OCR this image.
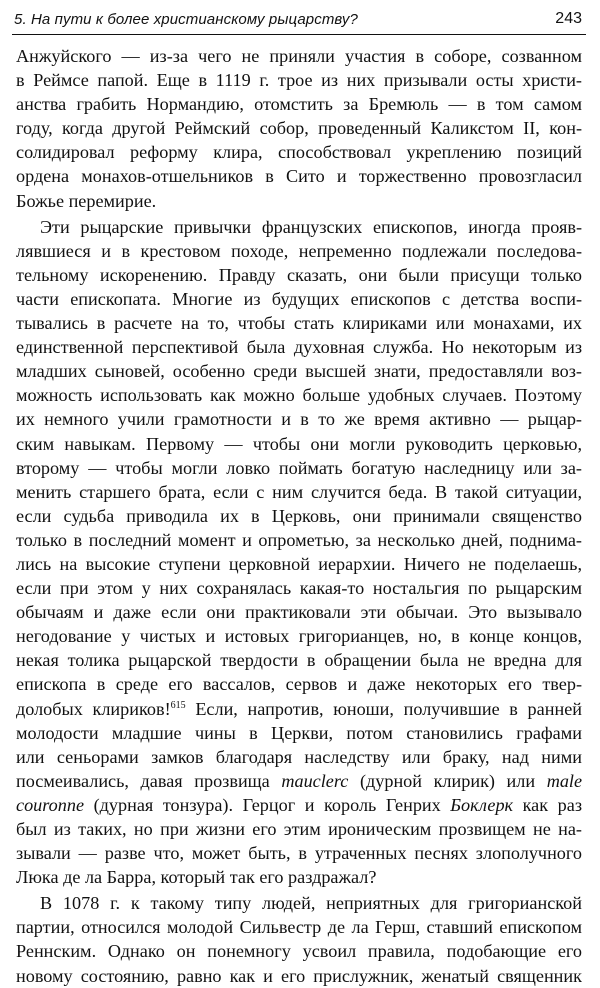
5. На пути к более христианскому рыцарству?	243
Анжуйского — из-за чего не приняли участия в соборе, созванном
в Реймсе папой. Еще в 1119 г. трое из них призывали осты христи-
анства грабить Нормандию, отомстить за Бремюль — в том самом
году, когда другой Реймский собор, проведенный Каликстом II, кон-
солидировал реформу клира, способствовал укреплению позиций
ордена монахов-отшельников в Сито и торжественно провозгласил
Божье перемирие.
Эти рыцарские привычки французских епископов, иногда прояв-
лявшиеся и в крестовом походе, непременно подлежали последова-
тельному искоренению. Правду сказать, они были присущи только
части епископата. Многие из будущих епископов с детства воспи-
тывались в расчете на то, чтобы стать клириками или монахами, их
единственной перспективой была духовная служба. Но некоторым из
младших сыновей, особенно среди высшей знати, предоставляли воз-
можность использовать как можно больше удобных случаев. Поэтому
их немного учили грамотности и в то же время активно — рыцар-
ским навыкам. Первому — чтобы они могли руководить церковью,
второму — чтобы могли ловко поймать богатую наследницу или за-
менить старшего брата, если с ним случится беда. В такой ситуации,
если судьба приводила их в Церковь, они принимали священство
только в последний момент и опрометью, за несколько дней, поднима-
лись на высокие ступени церковной иерархии. Ничего не поделаешь,
если при этом у них сохранялась какая-то ностальгия по рыцарским
обычаям и даже если они практиковали эти обычаи. Это вызывало
негодование у чистых и истовых григорианцев, но, в конце концов,
некая толика рыцарской твердости в обращении была не вредна для
епископа в среде его вассалов, сервов и даже некоторых его твер-
долобых клириков!$^{615}$ Если, напротив, юноши, получившие в ранней
молодости младшие чины в Церкви, потом становились графами
или сеньорами замков благодаря наследству или браку, над ними
посмеивались, давая прозвища mauclerc (дурной клирик) или male
couronne (дурная тонзура). Герцог и король Генрих Боклерк как раз
был из таких, но при жизни его этим ироническим прозвищем не на-
зывали — разве что, может быть, в утраченных песнях злополучного
Люка де ла Барра, который так его раздражал?
В 1078 г. к такому типу людей, неприятных для григорианской
партии, относился молодой Сильвестр де ла Герш, ставший епископом
Реннским. Однако он понемногу усвоил правила, подобающие его
новому состоянию, равно как и его прислужник, женатый священник
